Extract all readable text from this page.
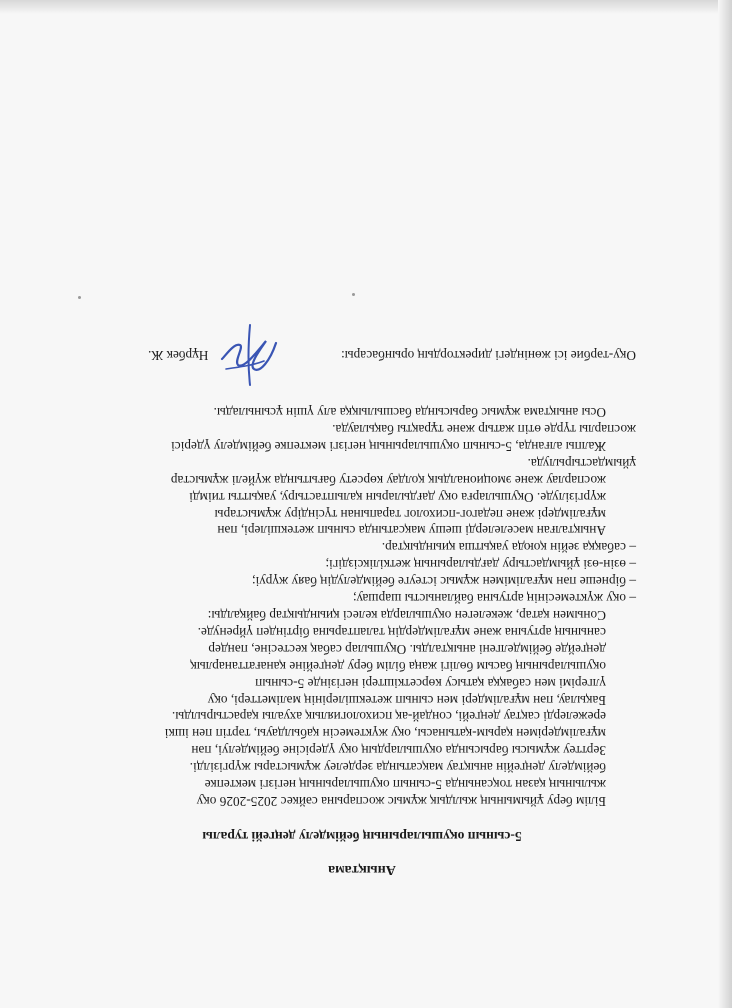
Анықтама
5-сынып оқушыларының бейімделу деңгейі туралы
Білім беру ұйымының жылдық жұмыс жоспарына сәйкес 2025-2026 оқу
жылының қазан тоқсанында 5-сынып оқушыларының негізгі мектепке
бейімделу деңгейін анықтау мақсатында зерделеу жұмыстары жүргізілді.
Зерттеу жұмысы барысында оқушылардың оқу үдерісіне бейімделуі, пән
мұғалімдерімен қарым-қатынасы, оқу жүктемесін қабылдауы, тәртіп пен ішкі
ережелерді сақтау деңгейі, сондай-ақ психологиялық ахуалы қарастырылды.
Бақылау, пән мұғалімдері мен сынып жетекшілерінің мәліметтері, оқу
үлгерімі мен сабаққа қатысу көрсеткіштері негізінде 5-сынып
оқушыларының басым бөлігі жаңа білім беру деңгейіне қанағаттанарлық
деңгейде бейімделгені анықталды. Оқушылар сабақ кестесіне, пәндер
санының артуына және мұғалімдердің талаптарына біртіндеп үйренуде.
Сонымен қатар, жекелеген оқушыларда келесі қиындықтар байқалды:
– оқу жүктемесінің артуына байланысты шаршау;
– бірнеше пән мұғалімімен жұмыс істеуге бейімделудің баяу жүруі;
– өзін-өзі ұйымдастыру дағдыларының жеткіліксіздігі;
– сабаққа зейін қоюда уақытша қиындықтар.
Анықталған мәселелерді шешу мақсатында сынып жетекшілері, пән
мұғалімдері және педагог-психолог тарапынан түсіндіру жұмыстары
жүргізілуде. Оқушыларға оқу дағдыларын қалыптастыру, уақытты тиімді
жоспарлау және эмоционалдық қолдау көрсету бағытында жүйелі жұмыстар
ұйымдастырылуда.
Жалпы алғанда, 5-сынып оқушыларының негізгі мектепке бейімделу үдерісі
жоспарлы түрде өтіп жатыр және тұрақты бақылауда.
Осы анықтама жұмыс барысында басшылыққа алу үшін ұсынылады.
Оқу-тәрбие ісі жөніндегі директордың орынбасары:
Нұрбек Ж.
